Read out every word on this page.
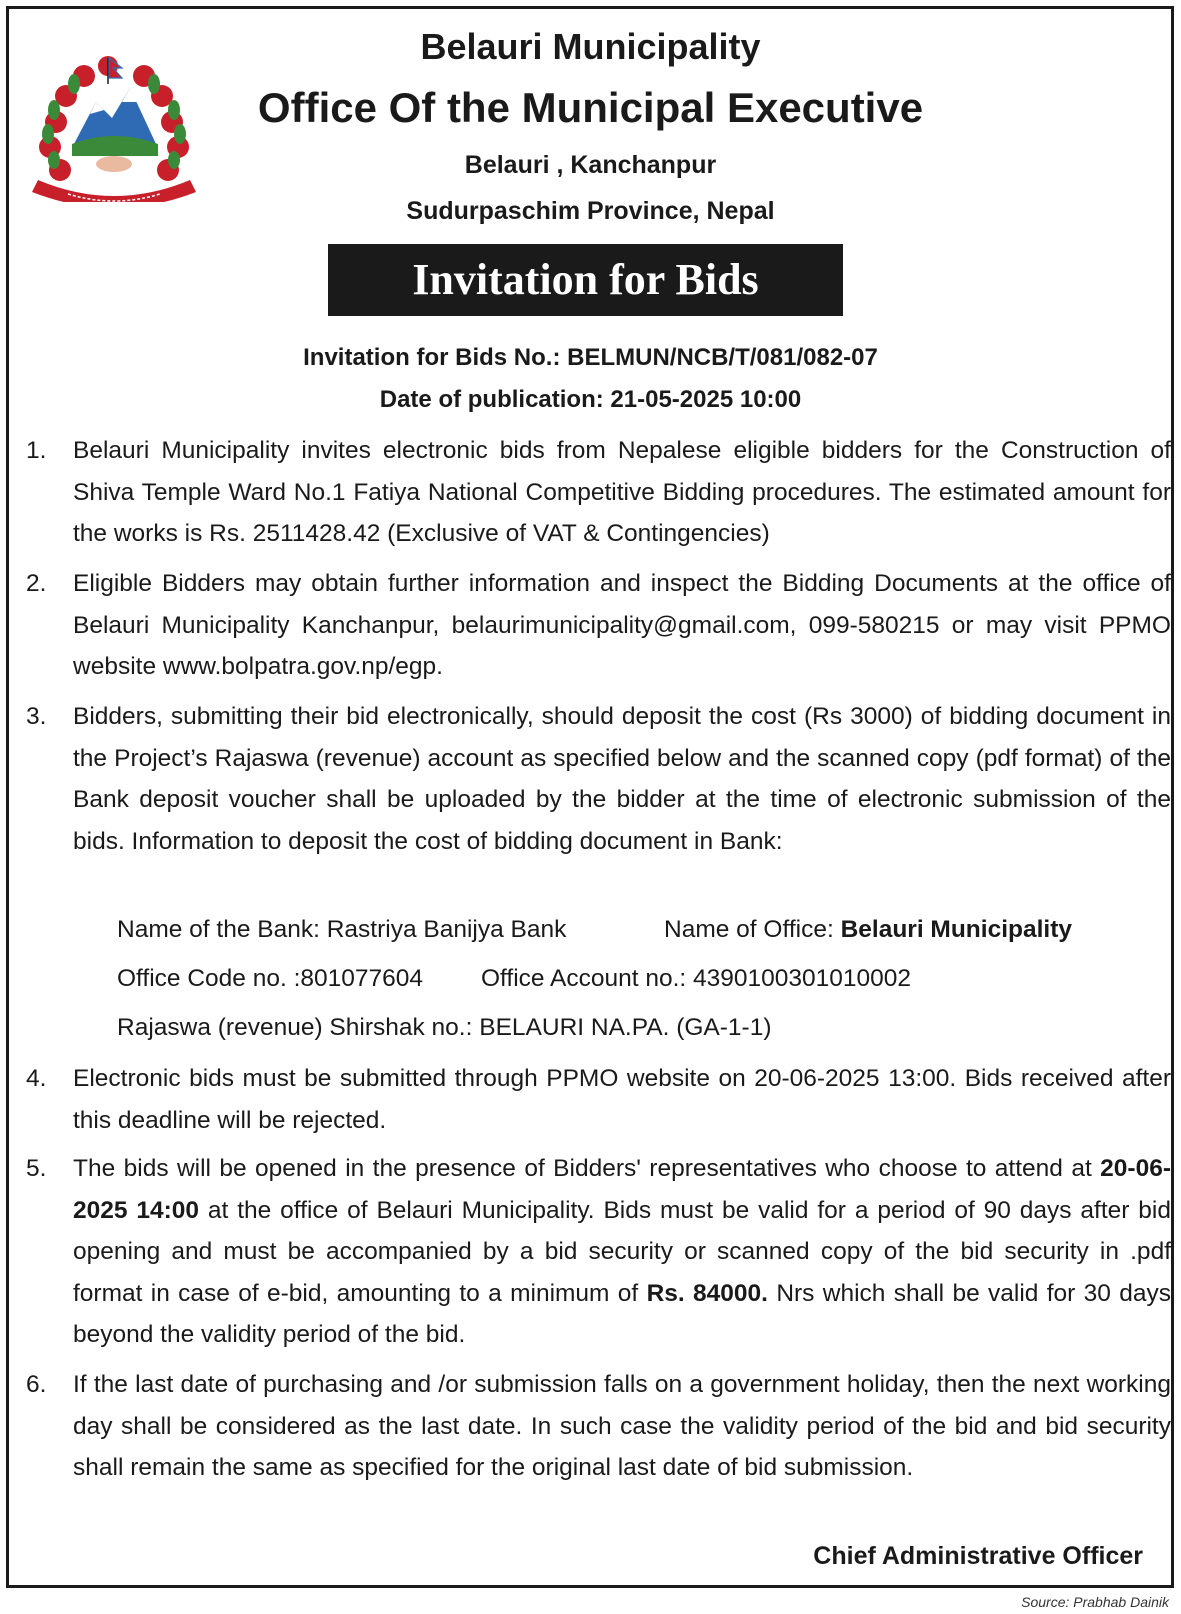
Belauri Municipality
Office Of the Municipal Executive
Belauri , Kanchanpur
Sudurpaschim Province, Nepal
Invitation for Bids
Invitation for Bids No.: BELMUN/NCB/T/081/082-07
Date of publication: 21-05-2025 10:00
1.	Belauri Municipality invites electronic bids from Nepalese eligible bidders for the Construction of Shiva Temple Ward No.1 Fatiya National Competitive Bidding procedures. The estimated amount for the works is Rs. 2511428.42 (Exclusive of VAT & Contingencies)
2.	Eligible Bidders may obtain further information and inspect the Bidding Documents at the office of Belauri Municipality Kanchanpur, belaurimunicipality@gmail.com, 099-580215 or may visit PPMO website www.bolpatra.gov.np/egp.
3.	Bidders, submitting their bid electronically, should deposit the cost (Rs 3000) of bidding document in the Project’s Rajaswa (revenue) account as specified below and the scanned copy (pdf format) of the Bank deposit voucher shall be uploaded by the bidder at the time of electronic submission of the bids. Information to deposit the cost of bidding document in Bank:
Name of the Bank: Rastriya Banijya Bank	Name of Office: Belauri Municipality
Office Code no. :801077604 Office Account no.: 4390100301010002
Rajaswa (revenue) Shirshak no.: BELAURI NA.PA. (GA-1-1)
4.	Electronic bids must be submitted through PPMO website on 20-06-2025 13:00. Bids received after this deadline will be rejected.
5.	The bids will be opened in the presence of Bidders' representatives who choose to attend at 20-06-2025 14:00 at the office of Belauri Municipality. Bids must be valid for a period of 90 days after bid opening and must be accompanied by a bid security or scanned copy of the bid security in .pdf format in case of e-bid, amounting to a minimum of Rs. 84000. Nrs which shall be valid for 30 days beyond the validity period of the bid.
6.	If the last date of purchasing and /or submission falls on a government holiday, then the next working day shall be considered as the last date. In such case the validity period of the bid and bid security shall remain the same as specified for the original last date of bid submission.
Chief Administrative Officer
Source: Prabhab Dainik
